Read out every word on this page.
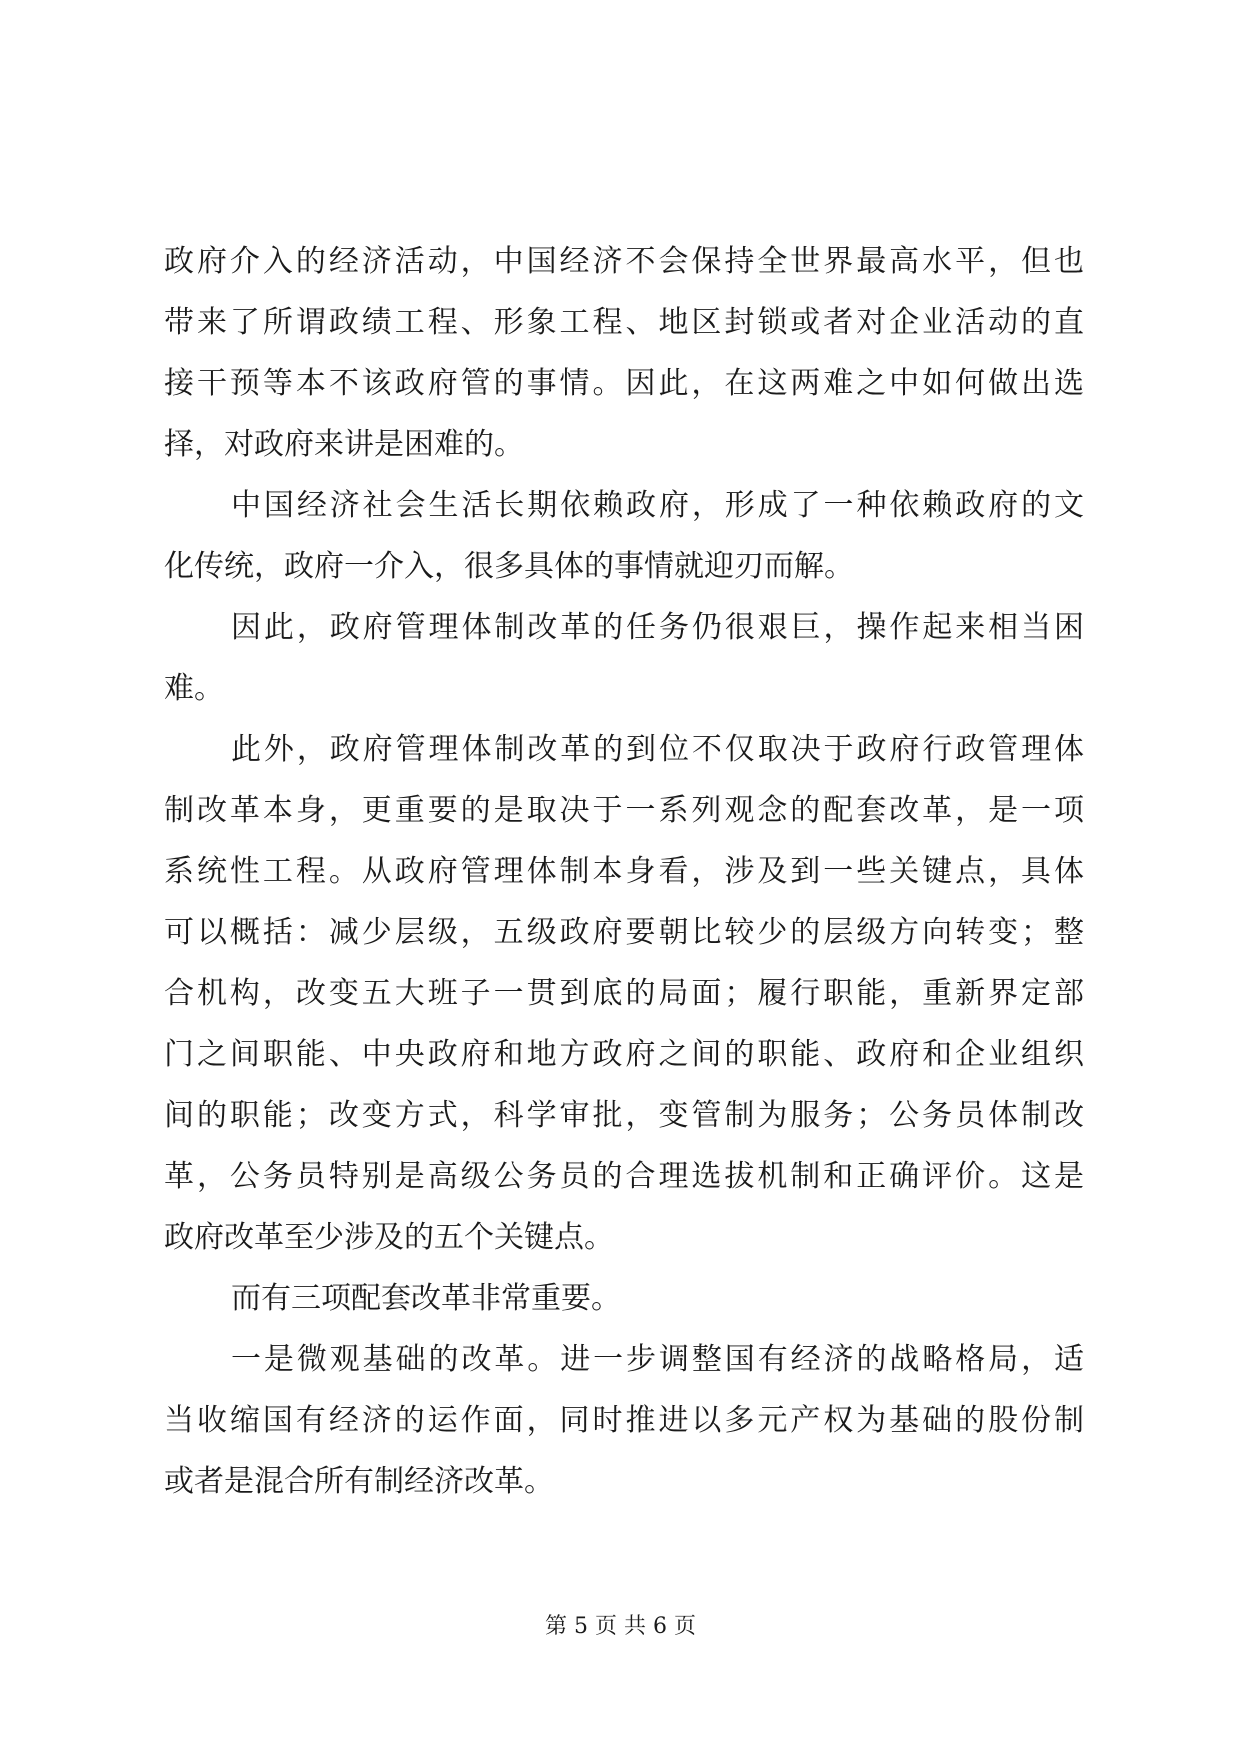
政府介入的经济活动，中国经济不会保持全世界最高水平，但也
带来了所谓政绩工程、形象工程、地区封锁或者对企业活动的直
接干预等本不该政府管的事情。因此，在这两难之中如何做出选
择，对政府来讲是困难的。
中国经济社会生活长期依赖政府，形成了一种依赖政府的文
化传统，政府一介入，很多具体的事情就迎刃而解。
因此，政府管理体制改革的任务仍很艰巨，操作起来相当困
难。
此外，政府管理体制改革的到位不仅取决于政府行政管理体
制改革本身，更重要的是取决于一系列观念的配套改革，是一项
系统性工程。从政府管理体制本身看，涉及到一些关键点，具体
可以概括：减少层级，五级政府要朝比较少的层级方向转变；整
合机构，改变五大班子一贯到底的局面；履行职能，重新界定部
门之间职能、中央政府和地方政府之间的职能、政府和企业组织
间的职能；改变方式，科学审批，变管制为服务；公务员体制改
革，公务员特别是高级公务员的合理选拔机制和正确评价。这是
政府改革至少涉及的五个关键点。
而有三项配套改革非常重要。
一是微观基础的改革。进一步调整国有经济的战略格局，适
当收缩国有经济的运作面，同时推进以多元产权为基础的股份制
或者是混合所有制经济改革。
第 5 页 共 6 页
